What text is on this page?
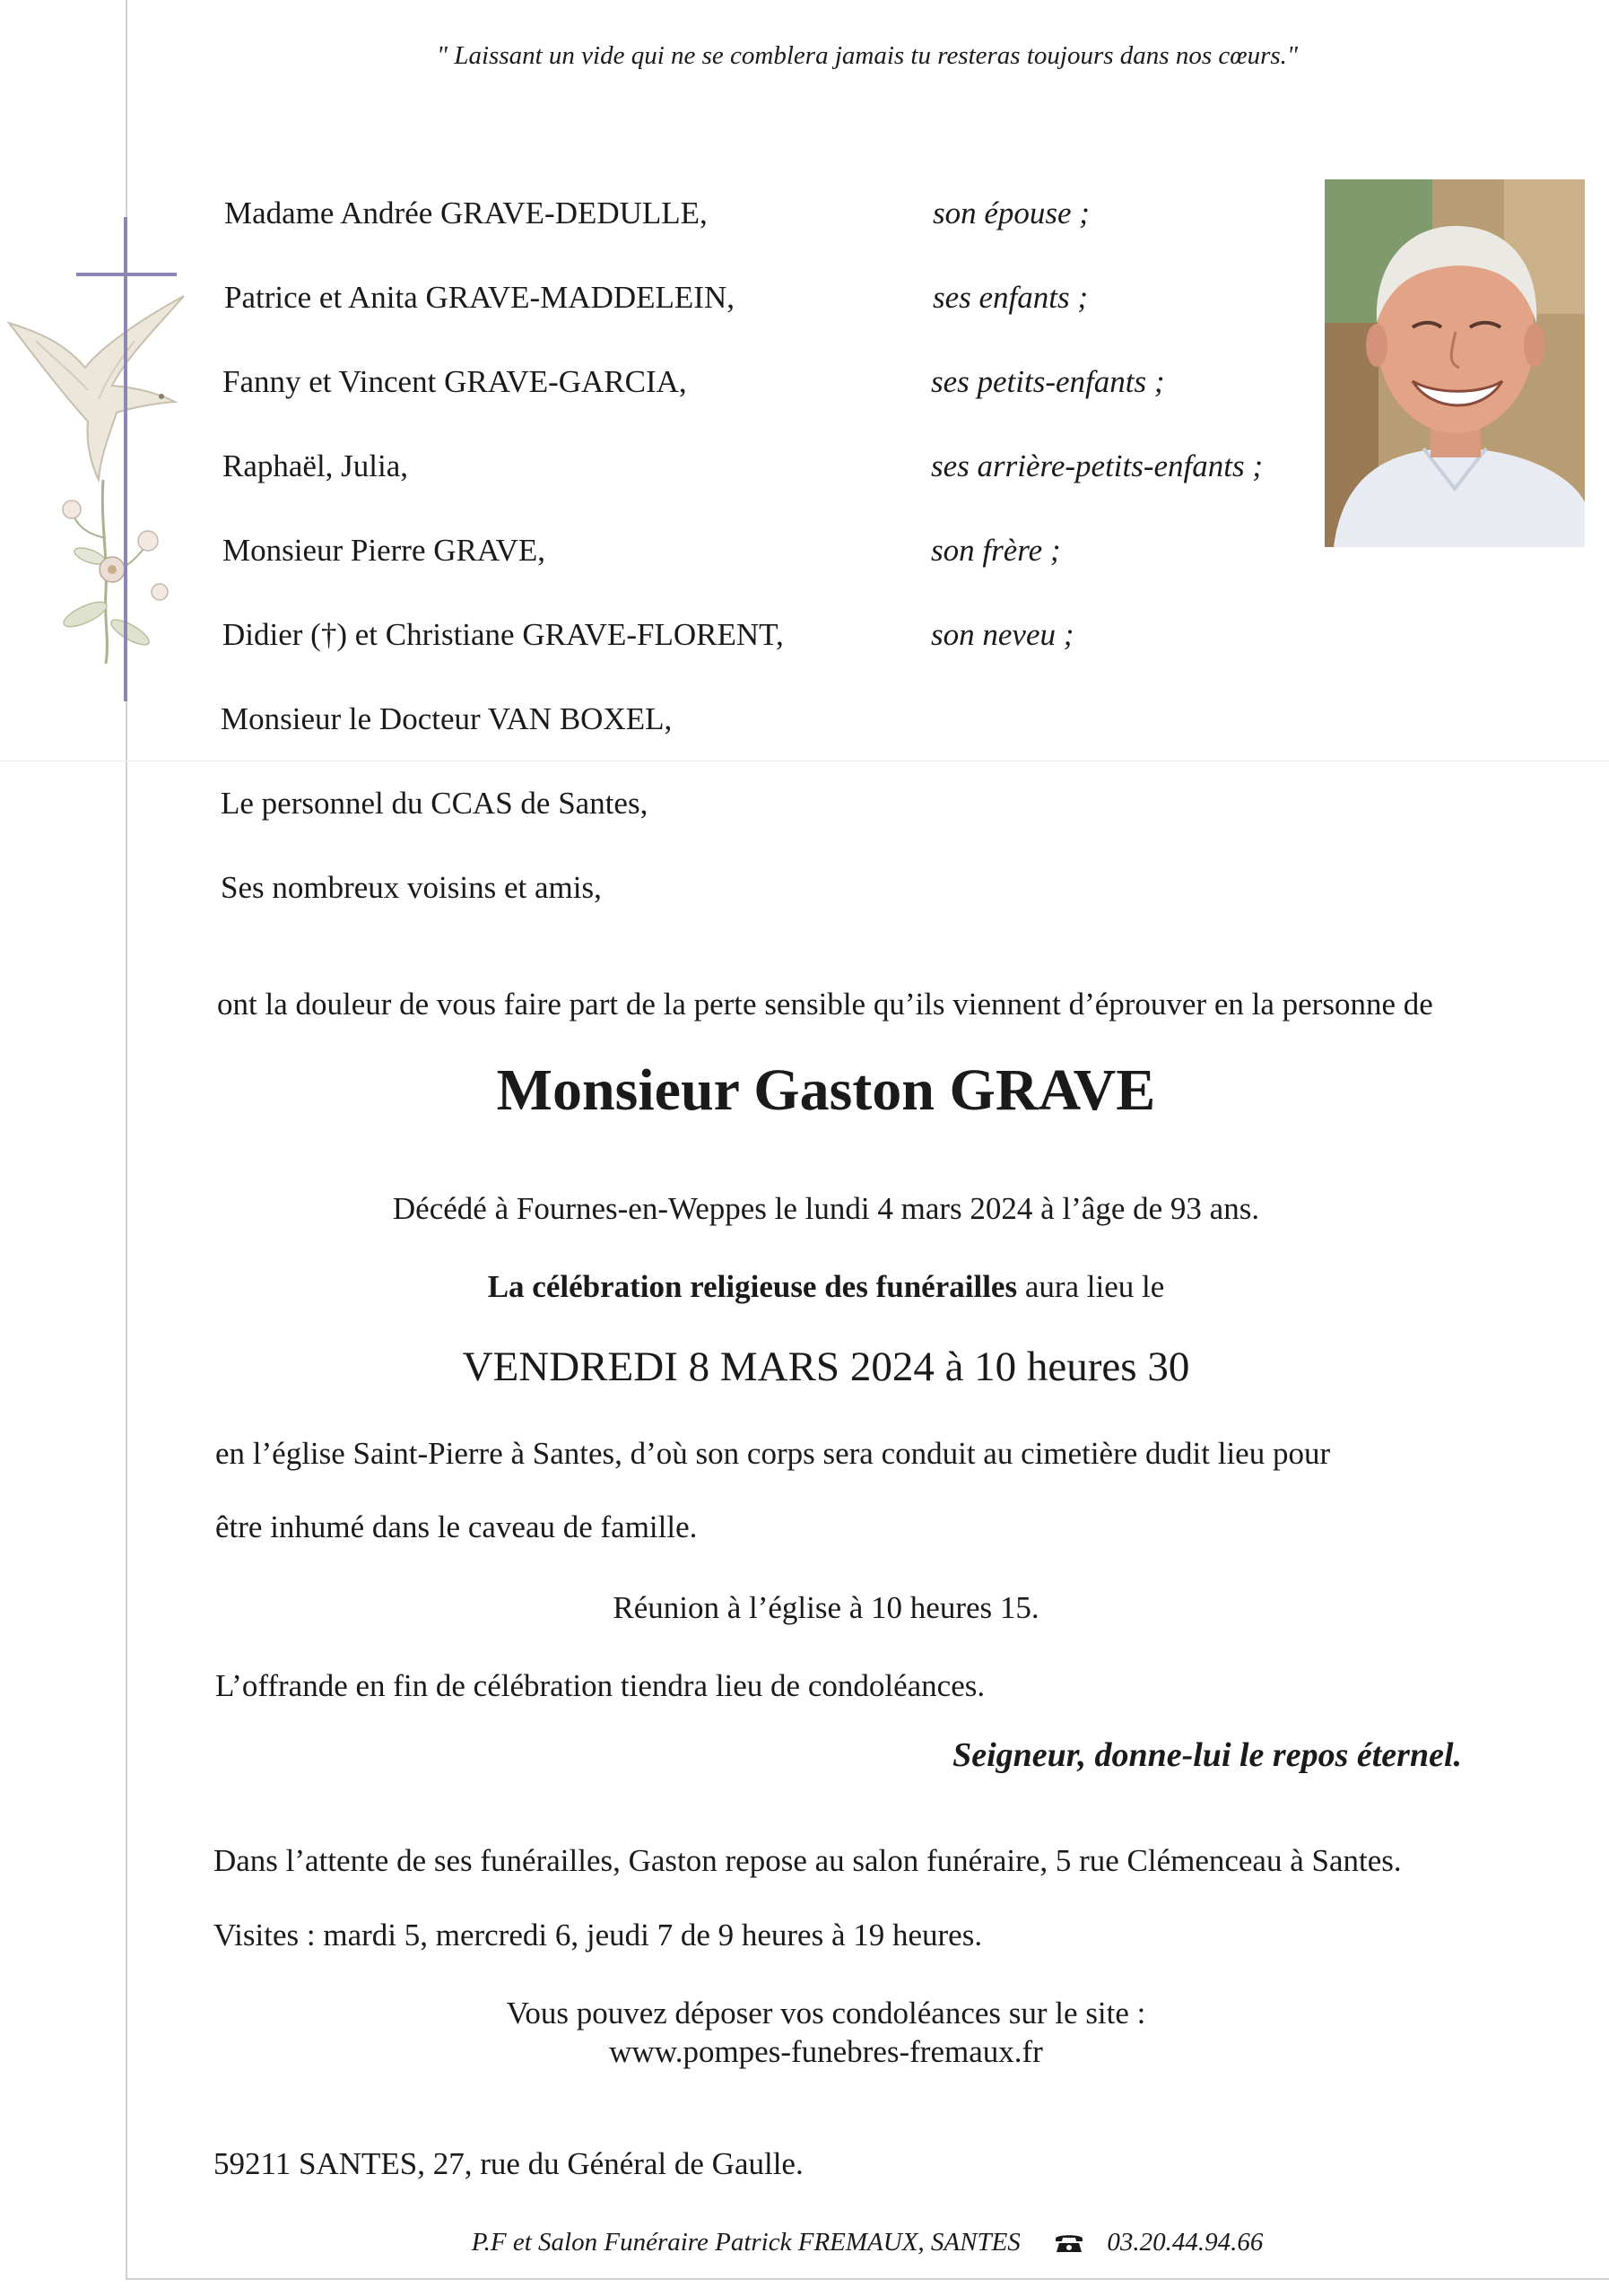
" Laissant un vide qui ne se comblera jamais tu resteras toujours dans nos cœurs."
Madame Andrée GRAVE-DEDULLE,	son épouse ;
Patrice et Anita GRAVE-MADDELEIN,	ses enfants ;
Fanny et Vincent GRAVE-GARCIA,	ses petits-enfants ;
Raphaël, Julia,	ses arrière-petits-enfants ;
Monsieur Pierre GRAVE,	son frère ;
Didier (†) et Christiane GRAVE-FLORENT,	son neveu ;
Monsieur le Docteur VAN BOXEL,
Le personnel du CCAS de Santes,
Ses nombreux voisins et amis,
ont la douleur de vous faire part de la perte sensible qu’ils viennent d’éprouver en la personne de
Monsieur Gaston GRAVE
Décédé à Fournes-en-Weppes le lundi 4 mars 2024 à l’âge de 93 ans.
La célébration religieuse des funérailles aura lieu le
VENDREDI 8 MARS 2024 à 10 heures 30
en l’église Saint-Pierre à Santes, d’où son corps sera conduit au cimetière dudit lieu pour
être inhumé dans le caveau de famille.
Réunion à l’église à 10 heures 15.
L’offrande en fin de célébration tiendra lieu de condoléances.
Seigneur, donne-lui le repos éternel.
Dans l’attente de ses funérailles, Gaston repose au salon funéraire, 5 rue Clémenceau à Santes.
Visites : mardi 5, mercredi 6, jeudi 7 de 9 heures à 19 heures.
Vous pouvez déposer vos condoléances sur le site :
www.pompes-funebres-fremaux.fr
59211 SANTES, 27, rue du Général de Gaulle.
P.F et Salon Funéraire Patrick FREMAUX, SANTES	03.20.44.94.66
